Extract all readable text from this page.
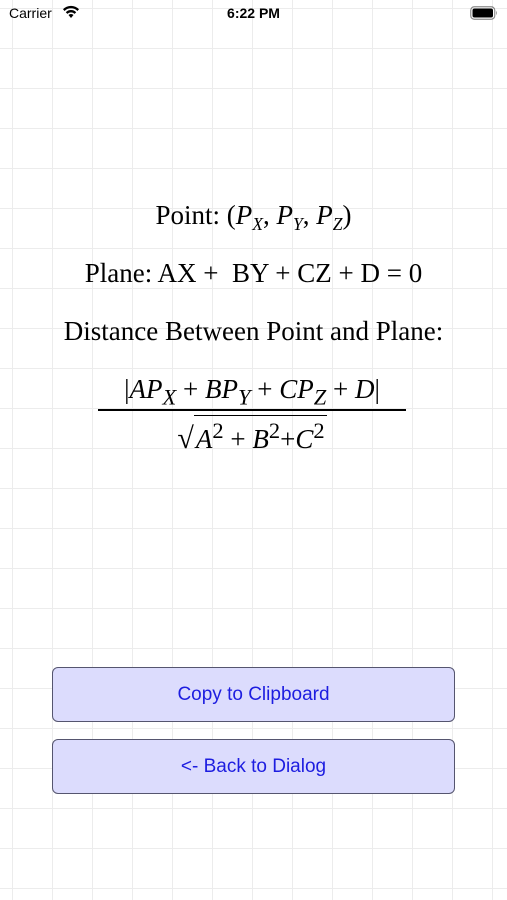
Carrier	6:22 PM
Point: ($P_X$, $P_Y$, $P_Z$)
Plane: AX + BY + CZ + D = 0
Distance Between Point and Plane:
$|AP_X + BP_Y + CP_Z + D|$
$√A^2 + B^2+C^2$
Copy to Clipboard
<- Back to Dialog
